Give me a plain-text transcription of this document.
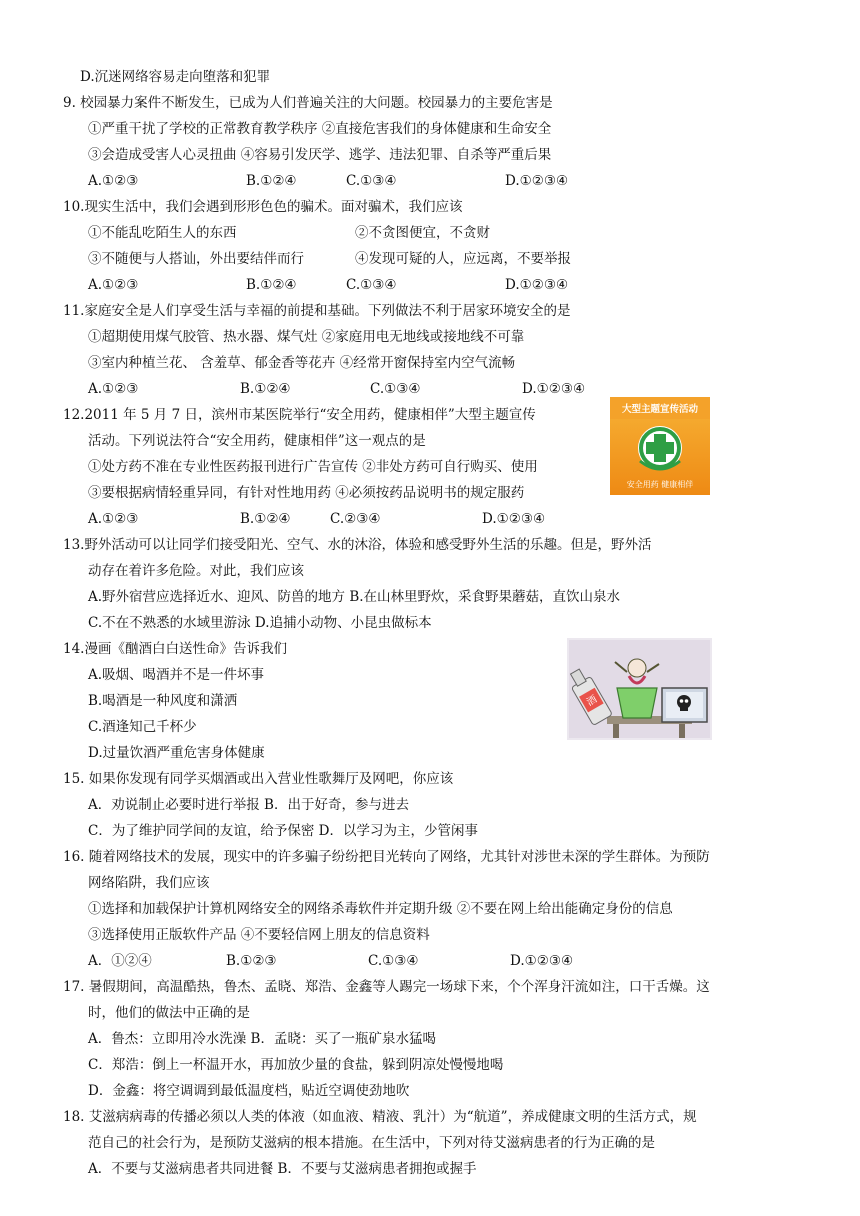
D.沉迷网络容易走向堕落和犯罪
9. 校园暴力案件不断发生，已成为人们普遍关注的大问题。校园暴力的主要危害是
①严重干扰了学校的正常教育教学秩序 ②直接危害我们的身体健康和生命安全
③会造成受害人心灵扭曲 ④容易引发厌学、逃学、违法犯罪、自杀等严重后果
A.①②③	B.①②④	C.①③④	D.①②③④
10.现实生活中，我们会遇到形形色色的骗术。面对骗术，我们应该
①不能乱吃陌生人的东西	②不贪图便宜，不贪财
③不随便与人搭讪，外出要结伴而行	④发现可疑的人，应远离，不要举报
A.①②③	B.①②④	C.①③④	D.①②③④
11.家庭安全是人们享受生活与幸福的前提和基础。下列做法不利于居家环境安全的是
①超期使用煤气胶管、热水器、煤气灶 ②家庭用电无地线或接地线不可靠
③室内种植兰花、 含羞草、郁金香等花卉 ④经常开窗保持室内空气流畅
A.①②③	B.①②④	C.①③④	D.①②③④
12.2011 年 5 月 7 日，滨州市某医院举行“安全用药，健康相伴”大型主题宣传
活动。下列说法符合“安全用药，健康相伴”这一观点的是
①处方药不准在专业性医药报刊进行广告宣传 ②非处方药可自行购买、使用
③要根据病情轻重异同，有针对性地用药 ④必须按药品说明书的规定服药
A.①②③	B.①②④	C.②③④	D.①②③④
13.野外活动可以让同学们接受阳光、空气、水的沐浴，体验和感受野外生活的乐趣。但是，野外活
动存在着许多危险。对此，我们应该
A.野外宿营应选择近水、迎风、防兽的地方 B.在山林里野炊，采食野果蘑菇，直饮山泉水
C.不在不熟悉的水域里游泳 D.追捕小动物、小昆虫做标本
14.漫画《酗酒白白送性命》告诉我们
A.吸烟、喝酒并不是一件坏事
B.喝酒是一种风度和潇洒
C.酒逢知己千杯少
D.过量饮酒严重危害身体健康
15. 如果你发现有同学买烟酒或出入营业性歌舞厅及网吧，你应该
A．劝说制止必要时进行举报 B．出于好奇，参与进去
C．为了维护同学间的友谊，给予保密 D．以学习为主，少管闲事
16. 随着网络技术的发展，现实中的许多骗子纷纷把目光转向了网络，尤其针对涉世未深的学生群体。为预防
网络陷阱，我们应该
①选择和加载保护计算机网络安全的网络杀毒软件并定期升级 ②不要在网上给出能确定身份的信息
③选择使用正版软件产品 ④不要轻信网上朋友的信息资料
A．①②④	B.①②③	C.①③④	D.①②③④
17. 暑假期间，高温酷热，鲁杰、孟晓、郑浩、金鑫等人踢完一场球下来，个个浑身汗流如注，口干舌燥。这
时，他们的做法中正确的是
A．鲁杰：立即用冷水洗澡 B．孟晓：买了一瓶矿泉水猛喝
C．郑浩：倒上一杯温开水，再加放少量的食盐，躲到阴凉处慢慢地喝
D．金鑫：将空调调到最低温度档，贴近空调使劲地吹
18. 艾滋病病毒的传播必须以人类的体液（如血液、精液、乳汁）为“航道”，养成健康文明的生活方式，规
范自己的社会行为，是预防艾滋病的根本措施。在生活中，下列对待艾滋病患者的行为正确的是
A．不要与艾滋病患者共同进餐 B．不要与艾滋病患者拥抱或握手
大型主题宣传活动
安全用药 健康相伴
酒
